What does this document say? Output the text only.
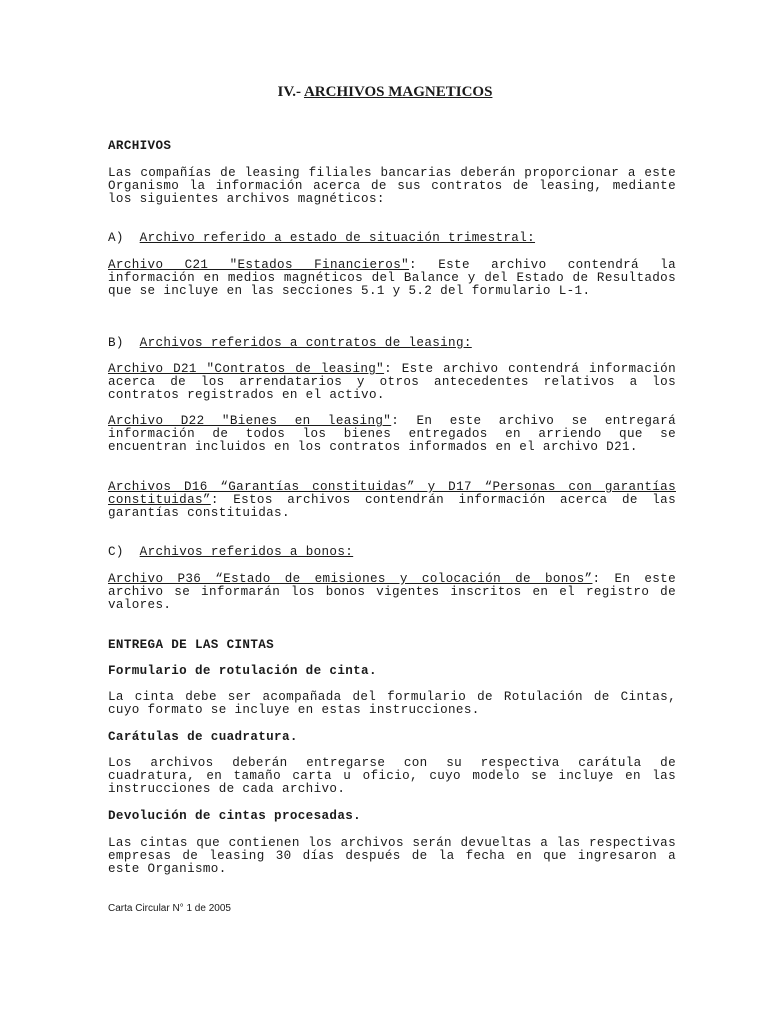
IV.- ARCHIVOS MAGNETICOS

ARCHIVOS

Las compañías de leasing filiales bancarias deberán proporcionar a este Organismo la información acerca de sus contratos de leasing, mediante los siguientes archivos magnéticos:

A) Archivo referido a estado de situación trimestral:

Archivo C21 "Estados Financieros": Este archivo contendrá la información en medios magnéticos del Balance y del Estado de Resultados que se incluye en las secciones 5.1 y 5.2 del formulario L-1.

B) Archivos referidos a contratos de leasing:

Archivo D21 "Contratos de leasing": Este archivo contendrá información acerca de los arrendatarios y otros antecedentes relativos a los contratos registrados en el activo.

Archivo D22 "Bienes en leasing": En este archivo se entregará información de todos los bienes entregados en arriendo que se encuentran incluidos en los contratos informados en el archivo D21.

Archivos D16 “Garantías constituidas” y D17 “Personas con garantías constituidas”: Estos archivos contendrán información acerca de las garantías constituidas.

C) Archivos referidos a bonos:

Archivo P36 “Estado de emisiones y colocación de bonos”: En este archivo se informarán los bonos vigentes inscritos en el registro de valores.

ENTREGA DE LAS CINTAS

Formulario de rotulación de cinta.

La cinta debe ser acompañada del formulario de Rotulación de Cintas, cuyo formato se incluye en estas instrucciones.

Carátulas de cuadratura.

Los archivos deberán entregarse con su respectiva carátula de cuadratura, en tamaño carta u oficio, cuyo modelo se incluye en las instrucciones de cada archivo.

Devolución de cintas procesadas.

Las cintas que contienen los archivos serán devueltas a las respectivas empresas de leasing 30 días después de la fecha en que ingresaron a este Organismo.

Carta Circular N° 1 de 2005
